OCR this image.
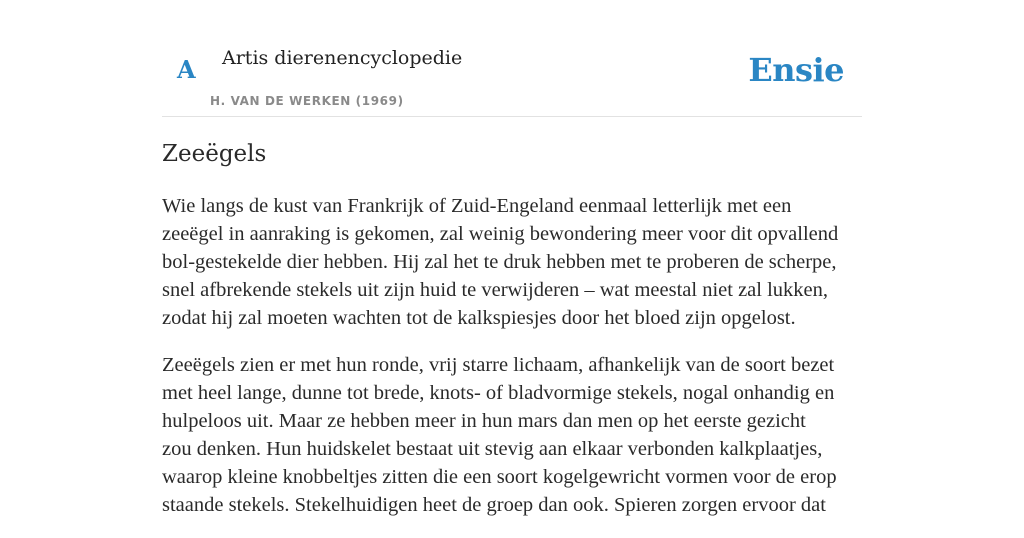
A Artis dierenencyclopedie
H. VAN DE WERKEN (1969)
Ensie
Zeeëgels

Wie langs de kust van Frankrijk of Zuid-Engeland eenmaal letterlijk met een
zeeëgel in aanraking is gekomen, zal weinig bewondering meer voor dit opvallend
bol-gestekelde dier hebben. Hij zal het te druk hebben met te proberen de scherpe,
snel afbrekende stekels uit zijn huid te verwijderen – wat meestal niet zal lukken,
zodat hij zal moeten wachten tot de kalkspiesjes door het bloed zijn opgelost.

Zeeëgels zien er met hun ronde, vrij starre lichaam, afhankelijk van de soort bezet
met heel lange, dunne tot brede, knots- of bladvormige stekels, nogal onhandig en
hulpeloos uit. Maar ze hebben meer in hun mars dan men op het eerste gezicht
zou denken. Hun huidskelet bestaat uit stevig aan elkaar verbonden kalkplaatjes,
waarop kleine knobbeltjes zitten die een soort kogelgewricht vormen voor de erop
staande stekels. Stekelhuidigen heet de groep dan ook. Spieren zorgen ervoor dat
